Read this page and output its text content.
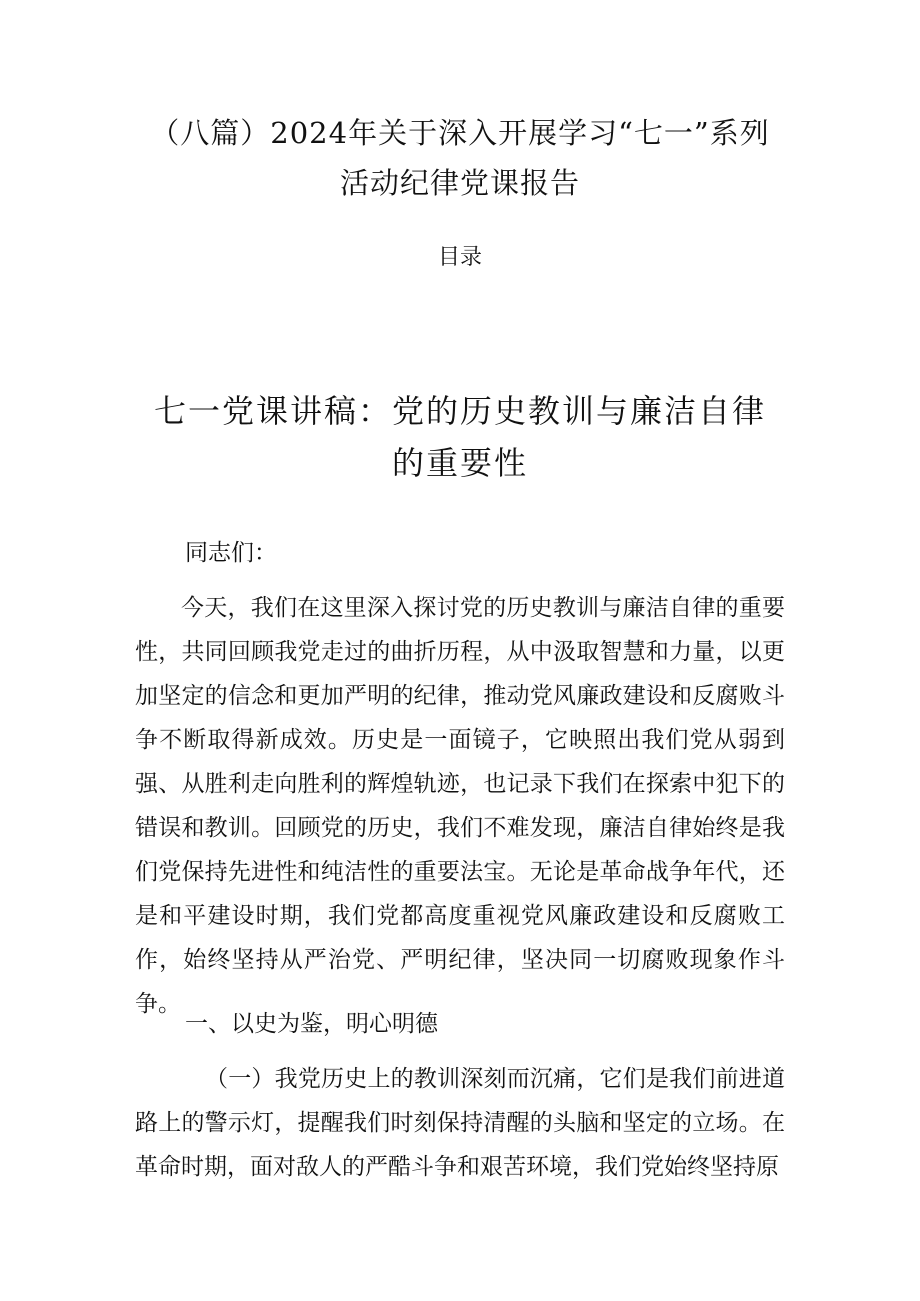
（八篇）2024年关于深入开展学习“七一”系列活动纪律党课报告
目录
七一党课讲稿：党的历史教训与廉洁自律的重要性

同志们：

今天，我们在这里深入探讨党的历史教训与廉洁自律的重要性，共同回顾我党走过的曲折历程，从中汲取智慧和力量，以更加坚定的信念和更加严明的纪律，推动党风廉政建设和反腐败斗争不断取得新成效。历史是一面镜子，它映照出我们党从弱到强、从胜利走向胜利的辉煌轨迹，也记录下我们在探索中犯下的错误和教训。回顾党的历史，我们不难发现，廉洁自律始终是我们党保持先进性和纯洁性的重要法宝。无论是革命战争年代，还是和平建设时期，我们党都高度重视党风廉政建设和反腐败工作，始终坚持从严治党、严明纪律，坚决同一切腐败现象作斗争。

一、以史为鉴，明心明德

（一）我党历史上的教训深刻而沉痛，它们是我们前进道路上的警示灯，提醒我们时刻保持清醒的头脑和坚定的立场。在革命时期，面对敌人的严酷斗争和艰苦环境，我们党始终坚持原
